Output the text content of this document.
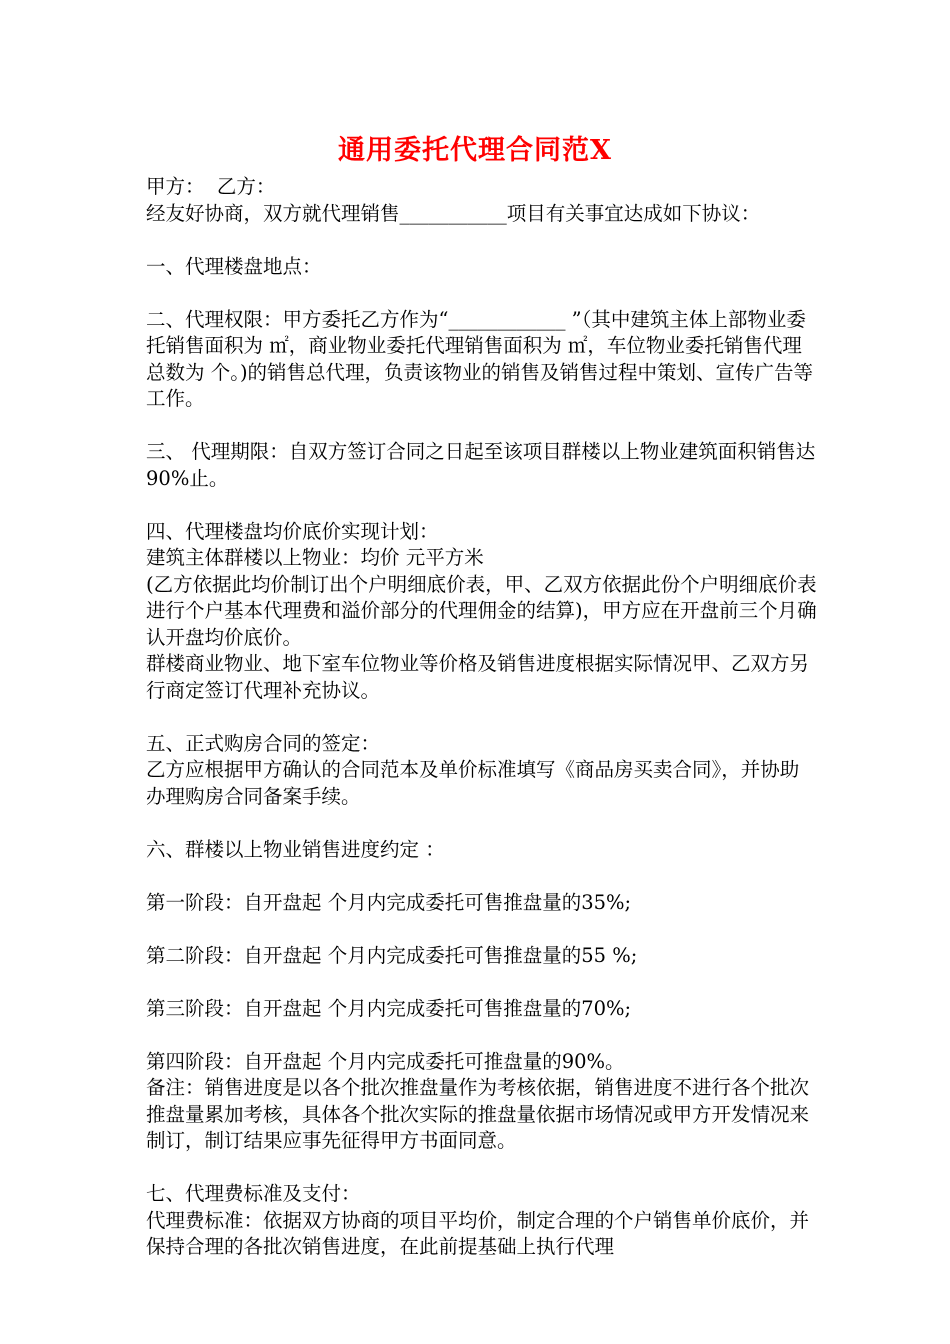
通用委托代理合同范X

甲方：  乙方：

经友好协商，双方就代理销售___________项目有关事宜达成如下协议：

一、代理楼盘地点：

二、代理权限：甲方委托乙方作为“____________ ”（其中建筑主体上部物业委托销售面积为 ㎡，商业物业委托代理销售面积为 ㎡，车位物业委托销售代理总数为 个。)的销售总代理，负责该物业的销售及销售过程中策划、宣传广告等工作。

三、 代理期限：自双方签订合同之日起至该项目群楼以上物业建筑面积销售达90%止。

四、代理楼盘均价底价实现计划：

建筑主体群楼以上物业：均价 元平方米

(乙方依据此均价制订出个户明细底价表，甲、乙双方依据此份个户明细底价表进行个户基本代理费和溢价部分的代理佣金的结算)，甲方应在开盘前三个月确认开盘均价底价。

群楼商业物业、地下室车位物业等价格及销售进度根据实际情况甲、乙双方另行商定签订代理补充协议。

五、正式购房合同的签定：

乙方应根据甲方确认的合同范本及单价标准填写《商品房买卖合同》，并协助办理购房合同备案手续。

六、群楼以上物业销售进度约定 ：

第一阶段：自开盘起 个月内完成委托可售推盘量的35%;

第二阶段：自开盘起 个月内完成委托可售推盘量的55 %;

第三阶段：自开盘起 个月内完成委托可售推盘量的70%;

第四阶段：自开盘起 个月内完成委托可推盘量的90%。

备注：销售进度是以各个批次推盘量作为考核依据，销售进度不进行各个批次推盘量累加考核，具体各个批次实际的推盘量依据市场情况或甲方开发情况来制订，制订结果应事先征得甲方书面同意。

七、代理费标准及支付：

代理费标准：依据双方协商的项目平均价，制定合理的个户销售单价底价，并保持合理的各批次销售进度，在此前提基础上执行代理
